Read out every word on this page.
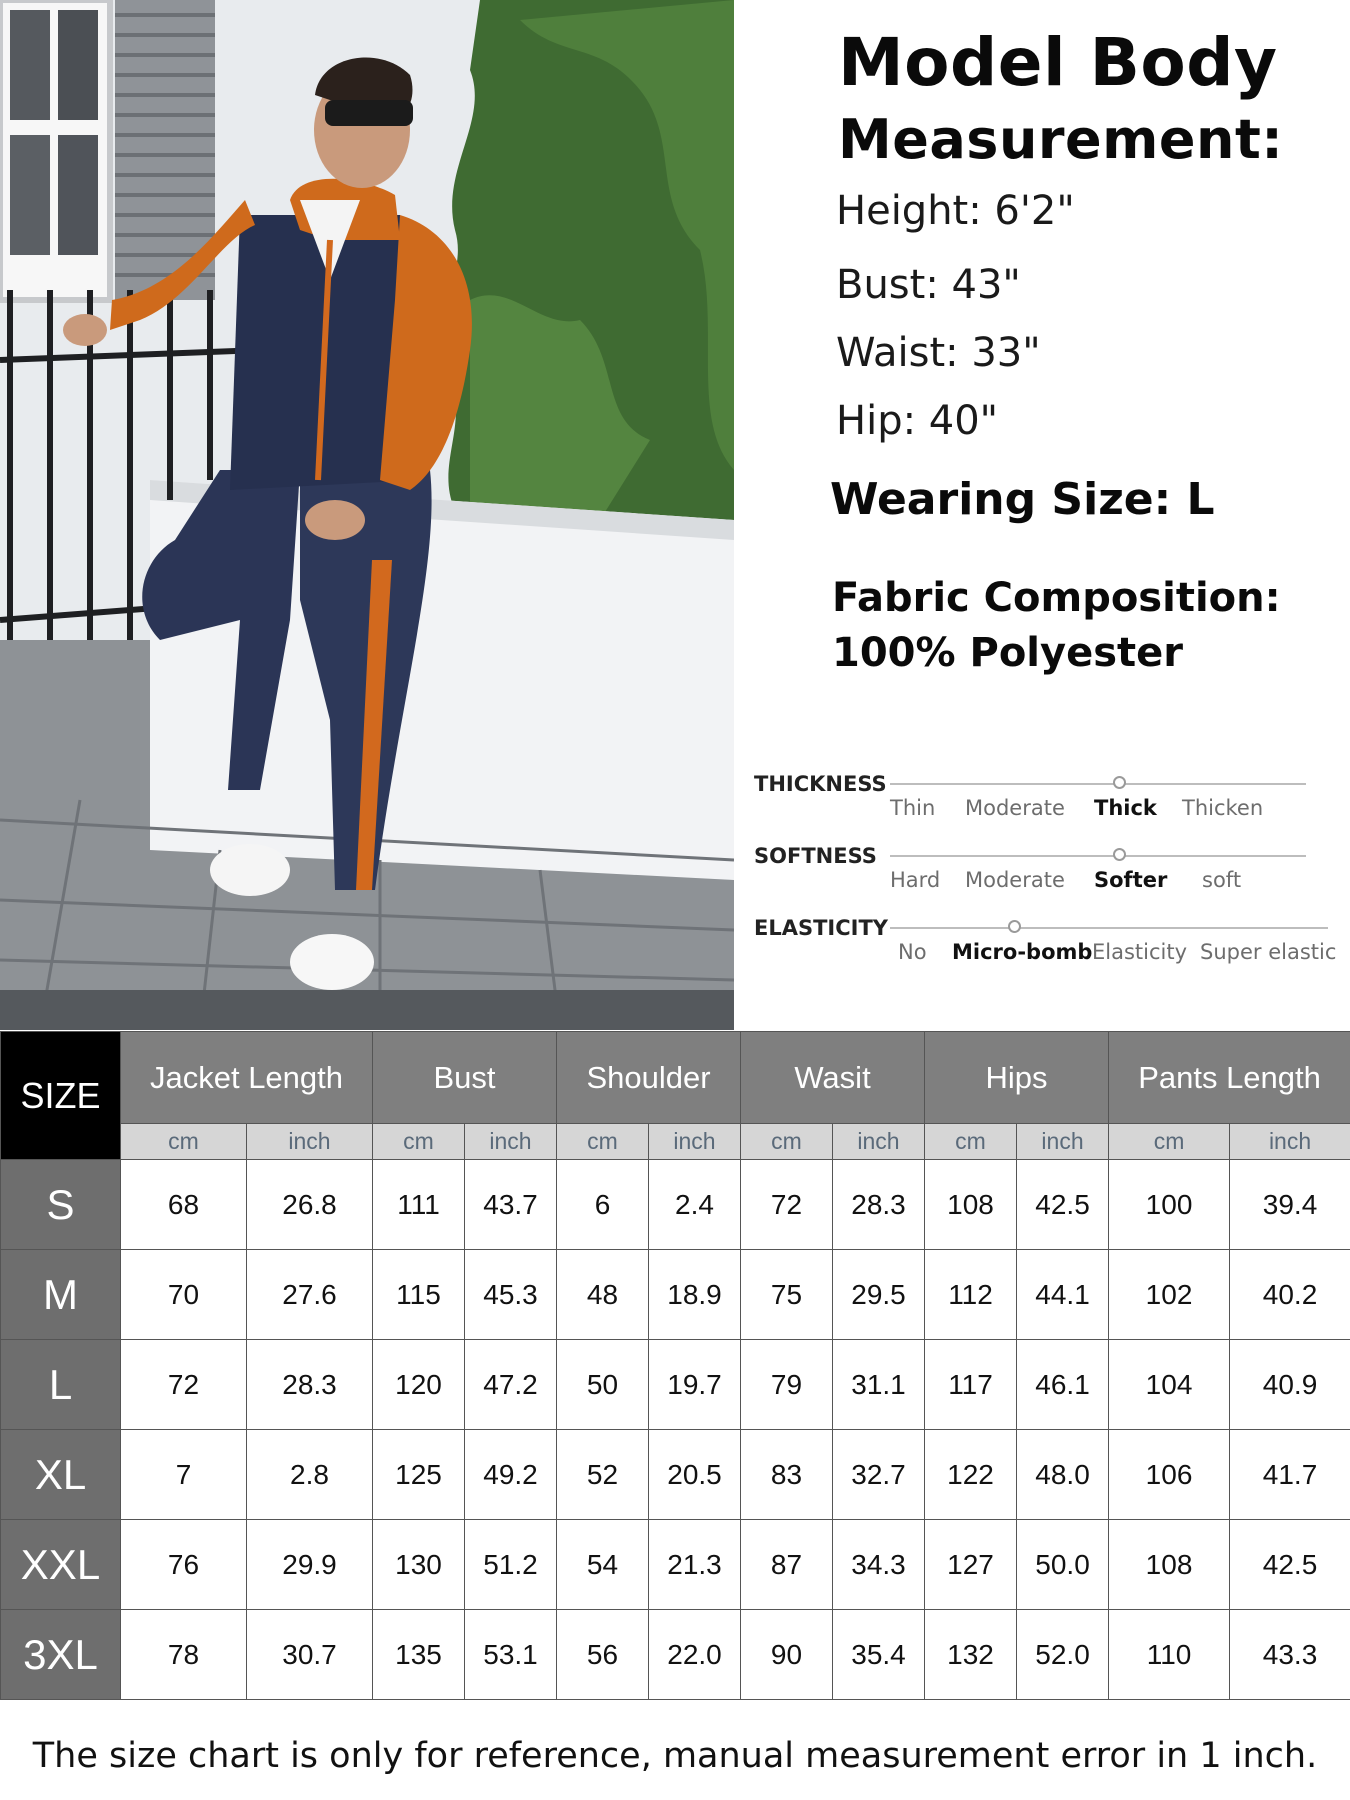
Model Body
Measurement:
Height: 6'2"
Bust: 43"
Waist: 33"
Hip: 40"
Wearing Size: L
Fabric Composition:
100% Polyester
THICKNESS
Thin Moderate Thick Thicken
SOFTNESS
Hard Moderate Softer soft
ELASTICITY
No Micro-bomb Elasticity Super elastic
SIZE	Jacket Length		Bust		Shoulder		Wasit		Hips		Pants Length	
	cm	inch	cm	inch	cm	inch	cm	inch	cm	inch	cm	inch
S	68	26.8	111	43.7	6	2.4	72	28.3	108	42.5	100	39.4
M	70	27.6	115	45.3	48	18.9	75	29.5	112	44.1	102	40.2
L	72	28.3	120	47.2	50	19.7	79	31.1	117	46.1	104	40.9
XL	7	2.8	125	49.2	52	20.5	83	32.7	122	48.0	106	41.7
XXL	76	29.9	130	51.2	54	21.3	87	34.3	127	50.0	108	42.5
3XL	78	30.7	135	53.1	56	22.0	90	35.4	132	52.0	110	43.3
The size chart is only for reference, manual measurement error in 1 inch.
